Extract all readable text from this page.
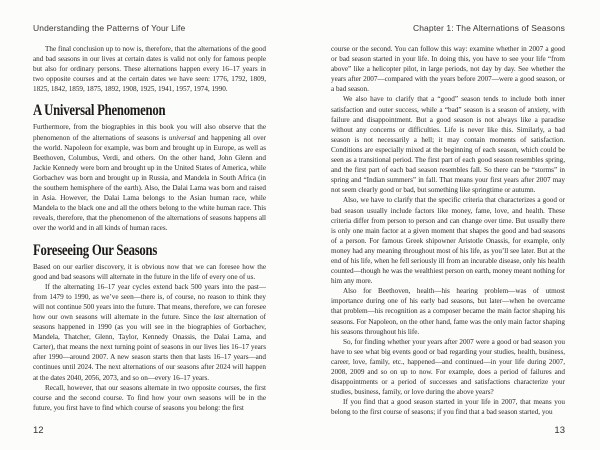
Understanding the Patterns of Your Life

The final conclusion up to now is, therefore, that the alternations of the good and bad seasons in our lives at certain dates is valid not only for famous people but also for ordinary persons. These alternations happen every 16–17 years in two opposite courses and at the certain dates we have seen: 1776, 1792, 1809, 1825, 1842, 1859, 1875, 1892, 1908, 1925, 1941, 1957, 1974, 1990.

A Universal Phenomenon

Furthermore, from the biographies in this book you will also observe that the phenomenon of the alternations of seasons is universal and happening all over the world. Napoleon for example, was born and brought up in Europe, as well as Beethoven, Columbus, Verdi, and others. On the other hand, John Glenn and Jackie Kennedy were born and brought up in the United States of America, while Gorbachev was born and brought up in Russia, and Mandela in South Africa (in the southern hemisphere of the earth). Also, the Dalai Lama was born and raised in Asia. However, the Dalai Lama belongs to the Asian human race, while Mandela to the black one and all the others belong to the white human race. This reveals, therefore, that the phenomenon of the alternations of seasons happens all over the world and in all kinds of human races.

Foreseeing Our Seasons

Based on our earlier discovery, it is obvious now that we can foresee how the good and bad seasons will alternate in the future in the life of every one of us.

If the alternating 16–17 year cycles extend back 500 years into the past—from 1479 to 1990, as we’ve seen—there is, of course, no reason to think they will not continue 500 years into the future. That means, therefore, we can foresee how our own seasons will alternate in the future. Since the last alternation of seasons happened in 1990 (as you will see in the biographies of Gorbachev, Mandela, Thatcher, Glenn, Taylor, Kennedy Onassis, the Dalai Lama, and Carter), that means the next turning point of seasons in our lives lies 16–17 years after 1990—around 2007. A new season starts then that lasts 16–17 years—and continues until 2024. The next alternations of our seasons after 2024 will happen at the dates 2040, 2056, 2073, and so on—every 16–17 years.

Recall, however, that our seasons alternate in two opposite courses, the first course and the second course. To find how your own seasons will be in the future, you first have to find which course of seasons you belong: the first

12
Chapter 1: The Alternations of Seasons

course or the second. You can follow this way: examine whether in 2007 a good or bad season started in your life. In doing this, you have to see your life “from above” like a helicopter pilot, in large periods, not day by day. See whether the years after 2007—compared with the years before 2007—were a good season, or a bad season.

We also have to clarify that a “good” season tends to include both inner satisfaction and outer success, while a “bad” season is a season of anxiety, with failure and disappointment. But a good season is not always like a paradise without any concerns or difficulties. Life is never like this. Similarly, a bad season is not necessarily a hell; it may contain moments of satisfaction. Conditions are especially mixed at the beginning of each season, which could be seen as a transitional period. The first part of each good season resembles spring, and the first part of each bad season resembles fall. So there can be “storms” in spring and “Indian summers” in fall. That means your first years after 2007 may not seem clearly good or bad, but something like springtime or autumn.

Also, we have to clarify that the specific criteria that characterizes a good or bad season usually include factors like money, fame, love, and health. These criteria differ from person to person and can change over time. But usually there is only one main factor at a given moment that shapes the good and bad seasons of a person. For famous Greek shipowner Aristotle Onassis, for example, only money had any meaning throughout most of his life, as you’ll see later. But at the end of his life, when he fell seriously ill from an incurable disease, only his health counted—though he was the wealthiest person on earth, money meant nothing for him any more.

Also for Beethoven, health—his hearing problem—was of utmost importance during one of his early bad seasons, but later—when he overcame that problem—his recognition as a composer became the main factor shaping his seasons. For Napoleon, on the other hand, fame was the only main factor shaping his seasons throughout his life.

So, for finding whether your years after 2007 were a good or bad season you have to see what big events good or bad regarding your studies, health, business, career, love, family, etc., happened—and continued—in your life during 2007, 2008, 2009 and so on up to now. For example, does a period of failures and disappointments or a period of successes and satisfactions characterize your studies, business, family, or love during the above years?

If you find that a good season started in your life in 2007, that means you belong to the first course of seasons; if you find that a bad season started, you

13
